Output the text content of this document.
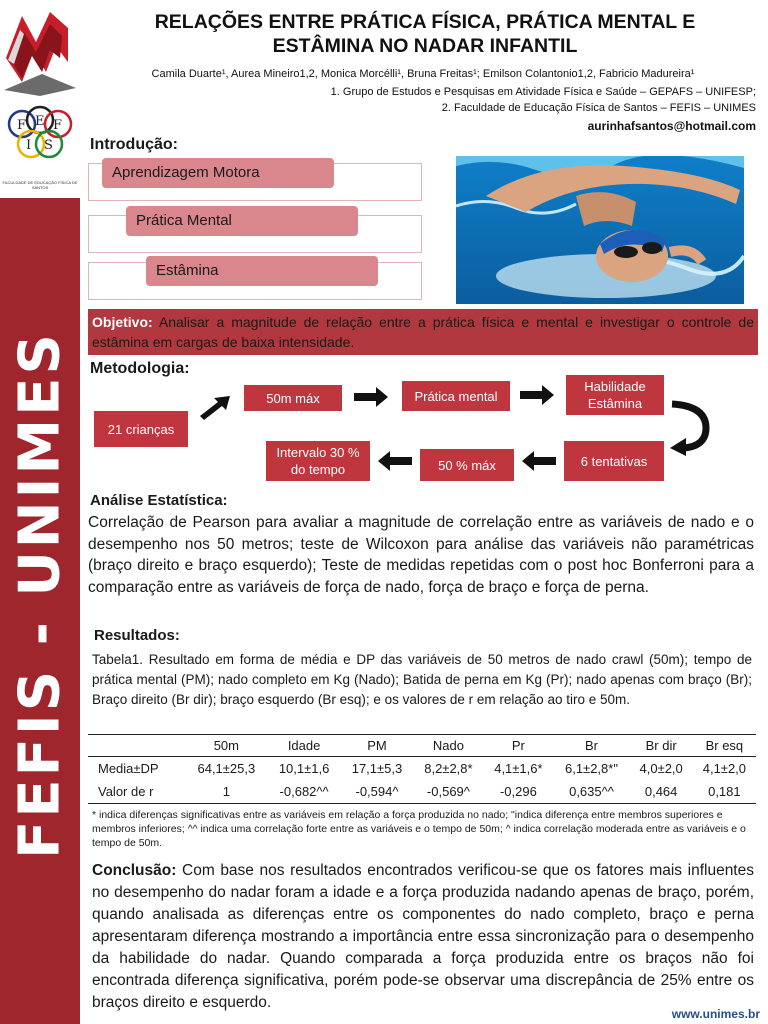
F E F
I S
FACULDADE DE EDUCAÇÃO FÍSICA DE SANTOS
FEFIS - UNIMES
RELAÇÕES ENTRE PRÁTICA FÍSICA, PRÁTICA MENTAL E
ESTÂMINA NO NADAR INFANTIL
Camila Duarte¹, Aurea Mineiro1,2, Monica Morcélli¹, Bruna Freitas¹; Emilson Colantonio1,2, Fabricio Madureira¹
1. Grupo de Estudos e Pesquisas em Atividade Física e Saúde – GEPAFS – UNIFESP;
2. Faculdade de Educação Física de Santos – FEFIS – UNIMES
aurinhafsantos@hotmail.com
Introdução:
Aprendizagem Motora
Prática Mental
Estâmina
Objetivo: Analisar a magnitude de relação entre a prática física e mental e investigar o controle de estâmina em cargas de baixa intensidade.
Metodologia:
21 crianças
50m máx	Prática mental
Habilidade
Estâmina
6 tentativas
50 % máx
Intervalo 30 %
do tempo
Análise Estatística:
Correlação de Pearson para avaliar a magnitude de correlação entre as variáveis de nado e o desempenho nos 50 metros; teste de Wilcoxon para análise das variáveis não paramétricas (braço direito e braço esquerdo); Teste de medidas repetidas com o post hoc Bonferroni para a comparação entre as variáveis de força de nado, força de braço e força de perna.
Resultados:
Tabela1. Resultado em forma de média e DP das variáveis de 50 metros de nado crawl (50m); tempo de prática mental (PM); nado completo em Kg (Nado); Batida de perna em Kg (Pr); nado apenas com braço (Br); Braço direito (Br dir); braço esquerdo (Br esq); e os valores de r em relação ao tiro e 50m.
	50m	Idade	PM	Nado	Pr	Br	Br dir	Br esq
Media±DP	64,1±25,3	10,1±1,6	17,1±5,3	8,2±2,8*	4,1±1,6*	6,1±2,8*"	4,0±2,0	4,1±2,0
Valor de r	1	-0,682^^	-0,594^	-0,569^	-0,296	0,635^^	0,464	0,181
* indica diferenças significativas entre as variáveis em relação a força produzida no nado; "indica diferença entre membros superiores e membros inferiores; ^^ indica uma correlação forte entre as variáveis e o tempo de 50m; ^ indica correlação moderada entre as variáveis e o tempo de 50m.
Conclusão: Com base nos resultados encontrados verificou-se que os fatores mais influentes no desempenho do nadar foram a idade e a força produzida nadando apenas de braço, porém, quando analisada as diferenças entre os componentes do nado completo, braço e perna apresentaram diferença mostrando a importância entre essa sincronização para o desempenho da habilidade do nadar. Quando comparada a força produzida entre os braços não foi encontrada diferença significativa, porém pode-se observar uma discrepância de 25% entre os braços direito e esquerdo.
www.unimes.br
